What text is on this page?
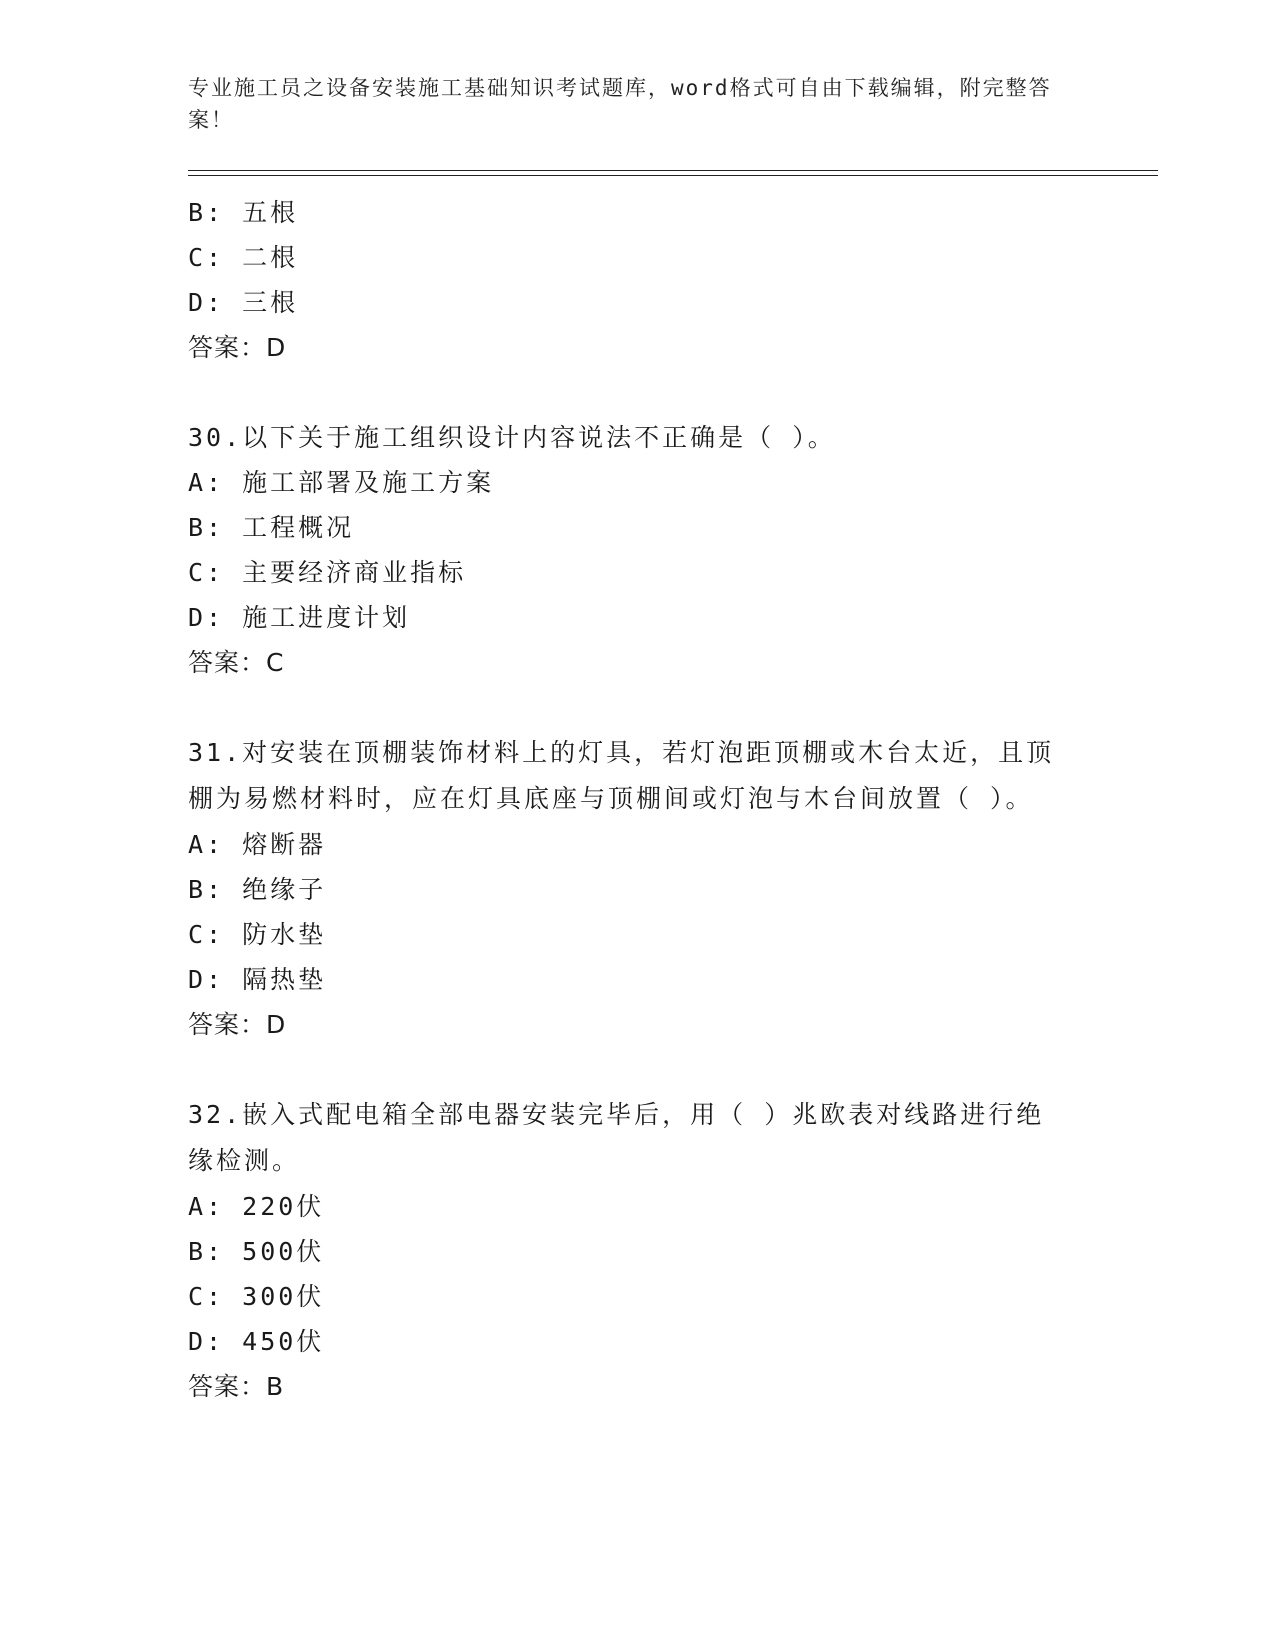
专业施工员之设备安装施工基础知识考试题库，word格式可自由下载编辑，附完整答案！
B: 五根
C: 二根
D: 三根
答案：D
30.以下关于施工组织设计内容说法不正确是（ ）。
A: 施工部署及施工方案
B: 工程概况
C: 主要经济商业指标
D: 施工进度计划
答案：C
31.对安装在顶棚装饰材料上的灯具，若灯泡距顶棚或木台太近，且顶棚为易燃材料时，应在灯具底座与顶棚间或灯泡与木台间放置（ ）。
A: 熔断器
B: 绝缘子
C: 防水垫
D: 隔热垫
答案：D
32.嵌入式配电箱全部电器安装完毕后，用（ ）兆欧表对线路进行绝缘检测。
A: 220伏
B: 500伏
C: 300伏
D: 450伏
答案：B
